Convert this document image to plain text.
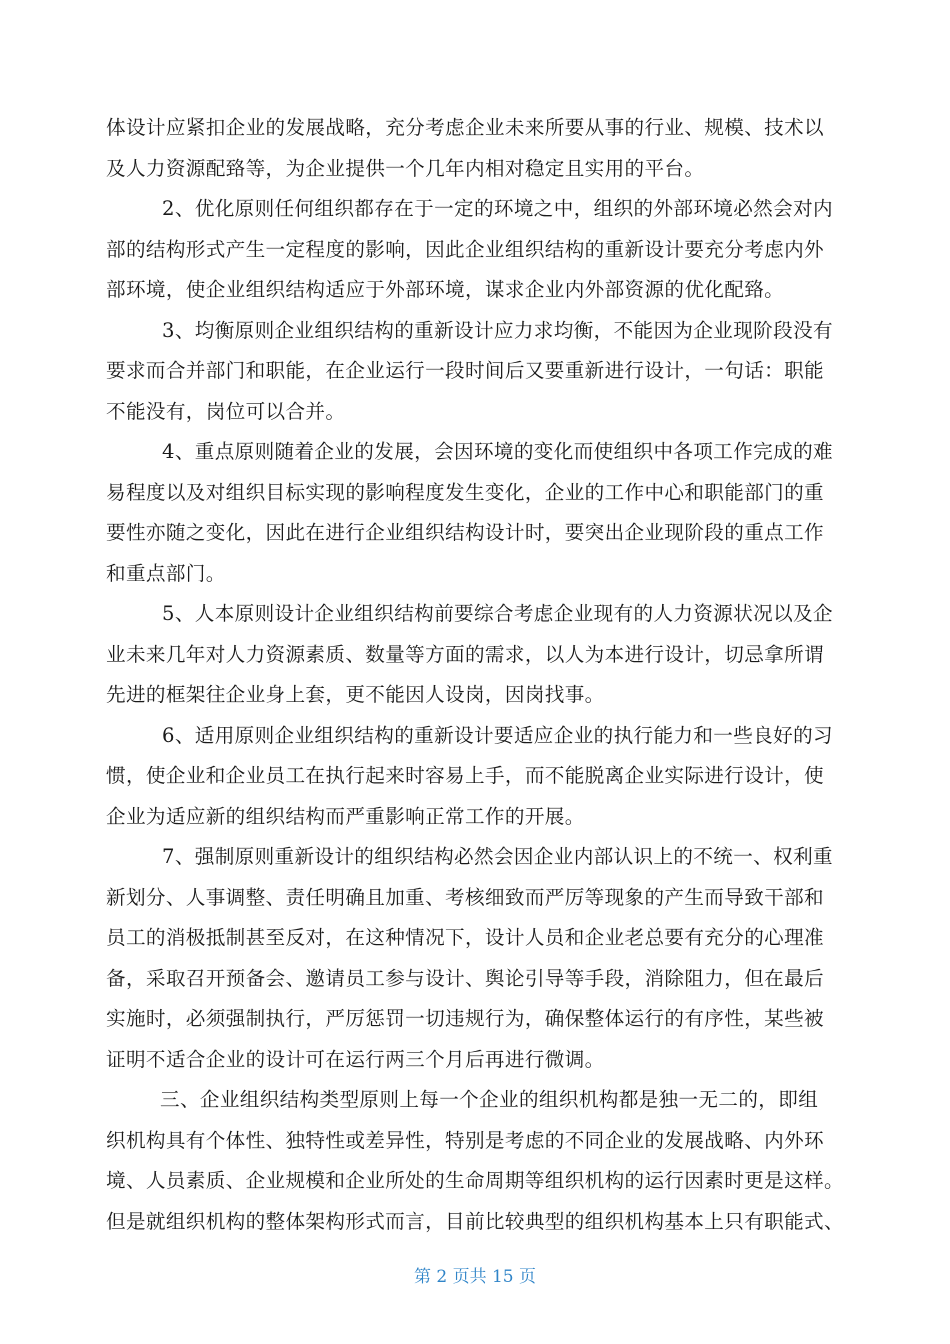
体设计应紧扣企业的发展战略，充分考虑企业未来所要从事的行业、规模、技术以
及人力资源配臵等，为企业提供一个几年内相对稳定且实用的平台。
2、优化原则任何组织都存在于一定的环境之中，组织的外部环境必然会对内
部的结构形式产生一定程度的影响，因此企业组织结构的重新设计要充分考虑内外
部环境，使企业组织结构适应于外部环境，谋求企业内外部资源的优化配臵。
3、均衡原则企业组织结构的重新设计应力求均衡，不能因为企业现阶段没有
要求而合并部门和职能，在企业运行一段时间后又要重新进行设计，一句话：职能
不能没有，岗位可以合并。
4、重点原则随着企业的发展，会因环境的变化而使组织中各项工作完成的难
易程度以及对组织目标实现的影响程度发生变化，企业的工作中心和职能部门的重
要性亦随之变化，因此在进行企业组织结构设计时，要突出企业现阶段的重点工作
和重点部门。
5、人本原则设计企业组织结构前要综合考虑企业现有的人力资源状况以及企
业未来几年对人力资源素质、数量等方面的需求，以人为本进行设计，切忌拿所谓
先进的框架往企业身上套，更不能因人设岗，因岗找事。
6、适用原则企业组织结构的重新设计要适应企业的执行能力和一些良好的习
惯，使企业和企业员工在执行起来时容易上手，而不能脱离企业实际进行设计，使
企业为适应新的组织结构而严重影响正常工作的开展。
7、强制原则重新设计的组织结构必然会因企业内部认识上的不统一、权利重
新划分、人事调整、责任明确且加重、考核细致而严厉等现象的产生而导致干部和
员工的消极抵制甚至反对，在这种情况下，设计人员和企业老总要有充分的心理准
备，采取召开预备会、邀请员工参与设计、舆论引导等手段，消除阻力，但在最后
实施时，必须强制执行，严厉惩罚一切违规行为，确保整体运行的有序性，某些被
证明不适合企业的设计可在运行两三个月后再进行微调。
三、企业组织结构类型原则上每一个企业的组织机构都是独一无二的，即组
织机构具有个体性、独特性或差异性，特别是考虑的不同企业的发展战略、内外环
境、人员素质、企业规模和企业所处的生命周期等组织机构的运行因素时更是这样。
但是就组织机构的整体架构形式而言，目前比较典型的组织机构基本上只有职能式、
第 2 页共 15 页
